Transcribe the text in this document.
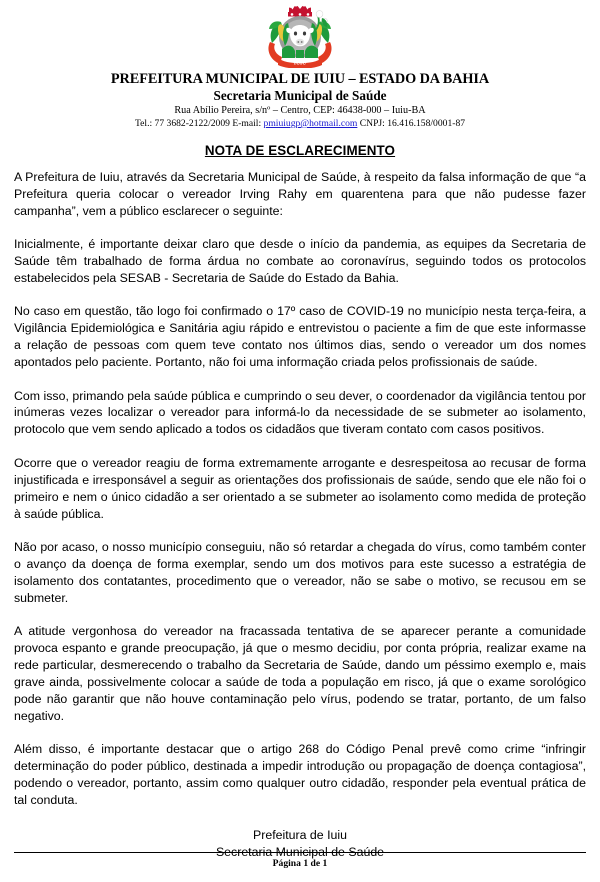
IUIU
PREFEITURA MUNICIPAL DE IUIU – ESTADO DA BAHIA
Secretaria Municipal de Saúde
Rua Abílio Pereira, s/nº – Centro, CEP: 46438-000 – Iuiu-BA
Tel.: 77 3682-2122/2009 E-mail: pmiuiugp@hotmail.com CNPJ: 16.416.158/0001-87
NOTA DE ESCLARECIMENTO

A Prefeitura de Iuiu, através da Secretaria Municipal de Saúde, à respeito da falsa informação de que “a Prefeitura queria colocar o vereador Irving Rahy em quarentena para que não pudesse fazer campanha”, vem a público esclarecer o seguinte:

Inicialmente, é importante deixar claro que desde o início da pandemia, as equipes da Secretaria de Saúde têm trabalhado de forma árdua no combate ao coronavírus, seguindo todos os protocolos estabelecidos pela SESAB - Secretaria de Saúde do Estado da Bahia.

No caso em questão, tão logo foi confirmado o 17º caso de COVID-19 no município nesta terça-feira, a Vigilância Epidemiológica e Sanitária agiu rápido e entrevistou o paciente a fim de que este informasse a relação de pessoas com quem teve contato nos últimos dias, sendo o vereador um dos nomes apontados pelo paciente. Portanto, não foi uma informação criada pelos profissionais de saúde.

Com isso, primando pela saúde pública e cumprindo o seu dever, o coordenador da vigilância tentou por inúmeras vezes localizar o vereador para informá-lo da necessidade de se submeter ao isolamento, protocolo que vem sendo aplicado a todos os cidadãos que tiveram contato com casos positivos.

Ocorre que o vereador reagiu de forma extremamente arrogante e desrespeitosa ao recusar de forma injustificada e irresponsável a seguir as orientações dos profissionais de saúde, sendo que ele não foi o primeiro e nem o único cidadão a ser orientado a se submeter ao isolamento como medida de proteção à saúde pública.

Não por acaso, o nosso município conseguiu, não só retardar a chegada do vírus, como também conter o avanço da doença de forma exemplar, sendo um dos motivos para este sucesso a estratégia de isolamento dos contatantes, procedimento que o vereador, não se sabe o motivo, se recusou em se submeter.

A atitude vergonhosa do vereador na fracassada tentativa de se aparecer perante a comunidade provoca espanto e grande preocupação, já que o mesmo decidiu, por conta própria, realizar exame na rede particular, desmerecendo o trabalho da Secretaria de Saúde, dando um péssimo exemplo e, mais grave ainda, possivelmente colocar a saúde de toda a população em risco, já que o exame sorológico pode não garantir que não houve contaminação pelo vírus, podendo se tratar, portanto, de um falso negativo.

Além disso, é importante destacar que o artigo 268 do Código Penal prevê como crime “infringir determinação do poder público, destinada a impedir introdução ou propagação de doença contagiosa”, podendo o vereador, portanto, assim como qualquer outro cidadão, responder pela eventual prática de tal conduta.

Prefeitura de Iuiu
Secretaria Municipal de Saúde
Página 1 de 1
